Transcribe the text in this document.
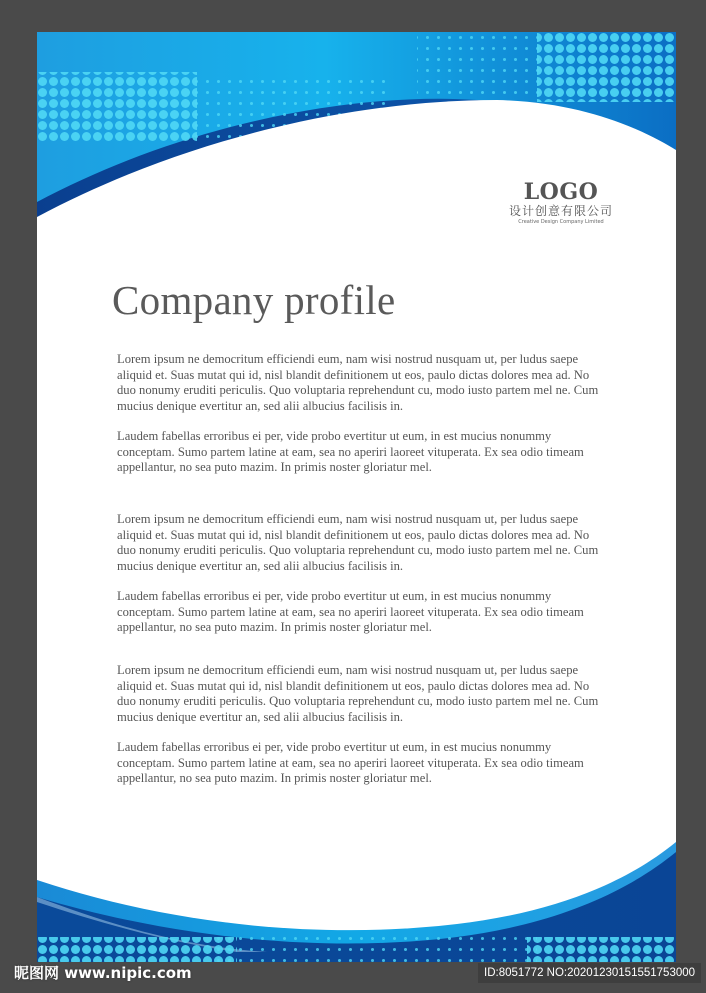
LOGO
设计创意有限公司
Creative Design Company Limited
Company profile

Lorem ipsum ne democritum efficiendi eum, nam wisi nostrud nusquam ut, per ludus saepe aliquid et. Suas mutat qui id, nisl blandit definitionem ut eos, paulo dictas dolores mea ad. No duo nonumy eruditi periculis. Quo voluptaria reprehendunt cu, modo iusto partem mel ne. Cum mucius denique evertitur an, sed alii albucius facilisis in.

Laudem fabellas erroribus ei per, vide probo evertitur ut eum, in est mucius nonummy conceptam. Sumo partem latine at eam, sea no aperiri laoreet vituperata. Ex sea odio timeam appellantur, no sea puto mazim. In primis noster gloriatur mel.

Lorem ipsum ne democritum efficiendi eum, nam wisi nostrud nusquam ut, per ludus saepe aliquid et. Suas mutat qui id, nisl blandit definitionem ut eos, paulo dictas dolores mea ad. No duo nonumy eruditi periculis. Quo voluptaria reprehendunt cu, modo iusto partem mel ne. Cum mucius denique evertitur an, sed alii albucius facilisis in.

Laudem fabellas erroribus ei per, vide probo evertitur ut eum, in est mucius nonummy conceptam. Sumo partem latine at eam, sea no aperiri laoreet vituperata. Ex sea odio timeam appellantur, no sea puto mazim. In primis noster gloriatur mel.

Lorem ipsum ne democritum efficiendi eum, nam wisi nostrud nusquam ut, per ludus saepe aliquid et. Suas mutat qui id, nisl blandit definitionem ut eos, paulo dictas dolores mea ad. No duo nonumy eruditi periculis. Quo voluptaria reprehendunt cu, modo iusto partem mel ne. Cum mucius denique evertitur an, sed alii albucius facilisis in.

Laudem fabellas erroribus ei per, vide probo evertitur ut eum, in est mucius nonummy conceptam. Sumo partem latine at eam, sea no aperiri laoreet vituperata. Ex sea odio timeam appellantur, no sea puto mazim. In primis noster gloriatur mel.

昵图网 www.nipic.com	ID:8051772 NO:20201230151551753000
